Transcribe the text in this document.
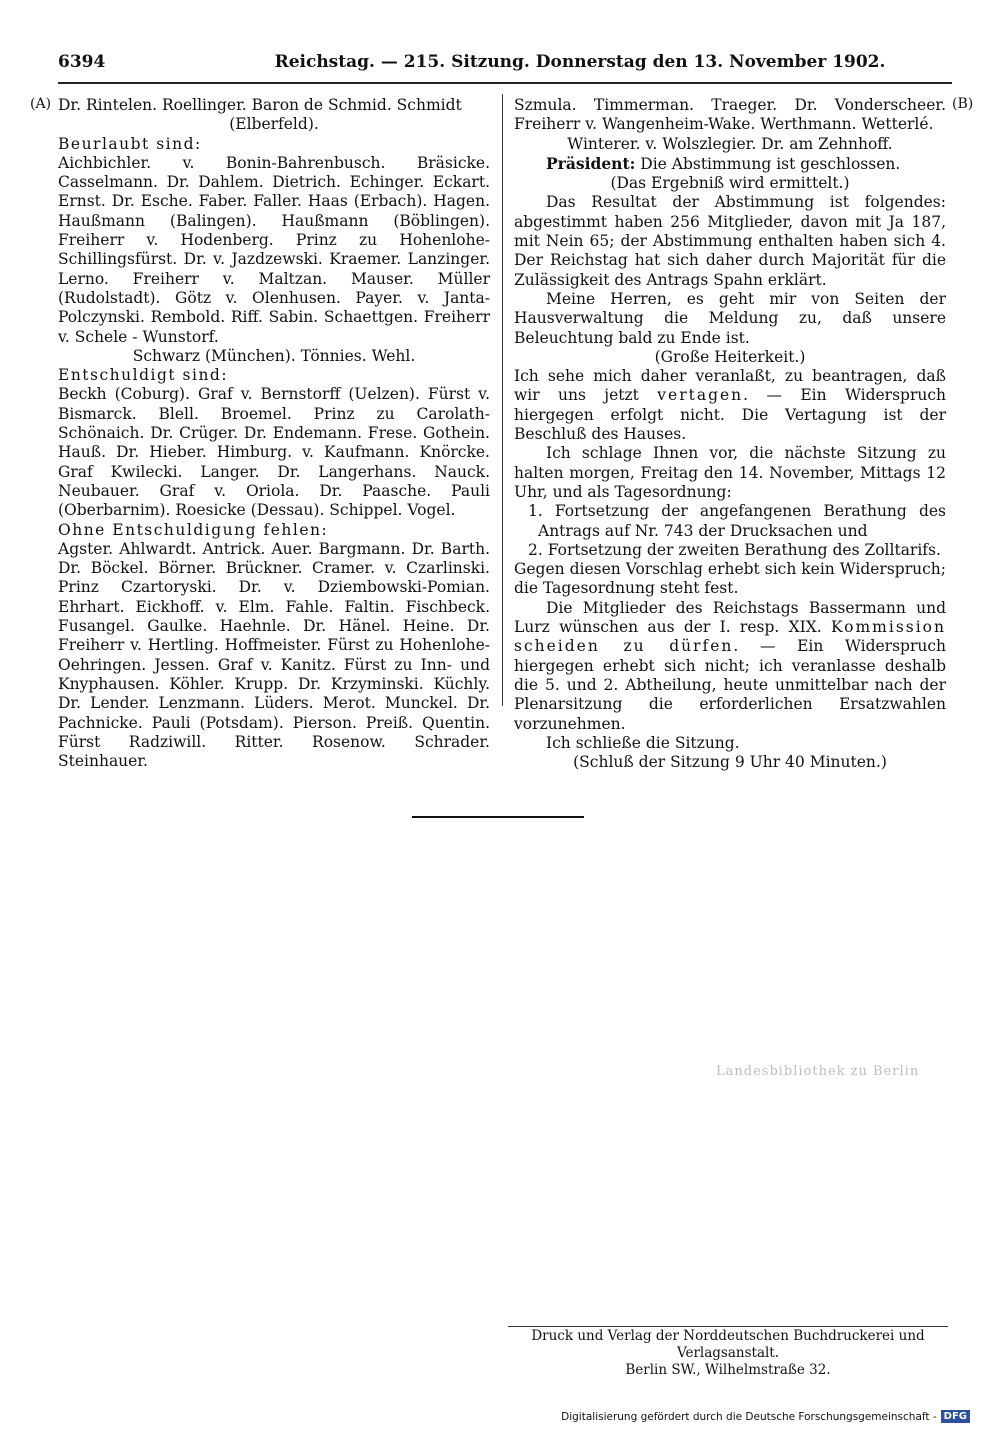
6394	Reichstag. — 215. Sitzung. Donnerstag den 13. November 1902.
(A)	(B)

Dr. Rintelen. Roellinger. Baron de Schmid. Schmidt

(Elberfeld).

Beurlaubt sind:

Aichbichler. v. Bonin-Bahrenbusch. Bräsicke. Casselmann. Dr. Dahlem. Dietrich. Echinger. Eckart. Ernst. Dr. Esche. Faber. Faller. Haas (Erbach). Hagen. Haußmann (Balingen). Haußmann (Böblingen). Freiherr v. Hodenberg. Prinz zu Hohenlohe-Schillingsfürst. Dr. v. Jazdzewski. Kraemer. Lanzinger. Lerno. Freiherr v. Maltzan. Mauser. Müller (Rudolstadt). Götz v. Olenhusen. Payer. v. Janta-Polczynski. Rembold. Riff. Sabin. Schaettgen. Freiherr v. Schele - Wunstorf.

Schwarz (München). Tönnies. Wehl.

Entschuldigt sind:

Beckh (Coburg). Graf v. Bernstorff (Uelzen). Fürst v. Bismarck. Blell. Broemel. Prinz zu Carolath-Schönaich. Dr. Crüger. Dr. Endemann. Frese. Gothein. Hauß. Dr. Hieber. Himburg. v. Kaufmann. Knörcke. Graf Kwilecki. Langer. Dr. Langerhans. Nauck. Neubauer. Graf v. Oriola. Dr. Paasche. Pauli (Oberbarnim). Roesicke (Dessau). Schippel. Vogel.

Ohne Entschuldigung fehlen:

Agster. Ahlwardt. Antrick. Auer. Bargmann. Dr. Barth. Dr. Böckel. Börner. Brückner. Cramer. v. Czarlinski. Prinz Czartoryski. Dr. v. Dziembowski-Pomian. Ehrhart. Eickhoff. v. Elm. Fahle. Faltin. Fischbeck. Fusangel. Gaulke. Haehnle. Dr. Hänel. Heine. Dr. Freiherr v. Hertling. Hoffmeister. Fürst zu Hohenlohe-Oehringen. Jessen. Graf v. Kanitz. Fürst zu Inn- und Knyphausen. Köhler. Krupp. Dr. Krzyminski. Küchly. Dr. Lender. Lenzmann. Lüders. Merot. Munckel. Dr. Pachnicke. Pauli (Potsdam). Pierson. Preiß. Quentin. Fürst Radziwill. Ritter. Rosenow. Schrader. Steinhauer.

Szmula. Timmerman. Traeger. Dr. Vonderscheer. Freiherr v. Wangenheim-Wake. Werthmann. Wetterlé.

Winterer. v. Wolszlegier. Dr. am Zehnhoff.

Präsident: Die Abstimmung ist geschlossen.

(Das Ergebniß wird ermittelt.)

Das Resultat der Abstimmung ist folgendes: abgestimmt haben 256 Mitglieder, davon mit Ja 187, mit Nein 65; der Abstimmung enthalten haben sich 4. Der Reichstag hat sich daher durch Majorität für die Zulässigkeit des Antrags Spahn erklärt.

Meine Herren, es geht mir von Seiten der Hausverwaltung die Meldung zu, daß unsere Beleuchtung bald zu Ende ist.

(Große Heiterkeit.)

Ich sehe mich daher veranlaßt, zu beantragen, daß wir uns jetzt vertagen. — Ein Widerspruch hiergegen erfolgt nicht. Die Vertagung ist der Beschluß des Hauses.

Ich schlage Ihnen vor, die nächste Sitzung zu halten morgen, Freitag den 14. November, Mittags 12 Uhr, und als Tagesordnung:

1. Fortsetzung der angefangenen Berathung des Antrags auf Nr. 743 der Drucksachen und

2. Fortsetzung der zweiten Berathung des Zolltarifs.

Gegen diesen Vorschlag erhebt sich kein Widerspruch; die Tagesordnung steht fest.

Die Mitglieder des Reichstags Bassermann und Lurz wünschen aus der I. resp. XIX. Kommission scheiden zu dürfen. — Ein Widerspruch hiergegen erhebt sich nicht; ich veranlasse deshalb die 5. und 2. Abtheilung, heute unmittelbar nach der Plenarsitzung die erforderlichen Ersatzwahlen vorzunehmen.

Ich schließe die Sitzung.

(Schluß der Sitzung 9 Uhr 40 Minuten.)

Landesbibliothek zu Berlin
Druck und Verlag der Norddeutschen Buchdruckerei und Verlagsanstalt.
Berlin SW., Wilhelmstraße 32.
Digitalisierung gefördert durch die Deutsche Forschungsgemeinschaft - DFG
